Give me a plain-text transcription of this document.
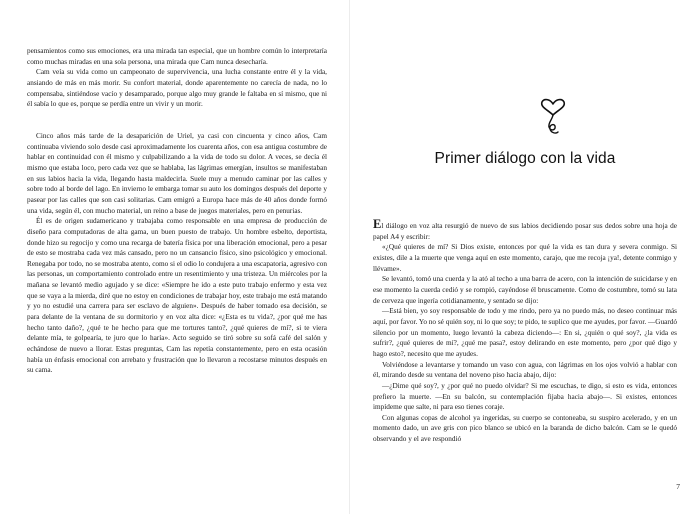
pensamientos como sus emociones, era una mirada tan especial, que un hombre común lo interpretaría como muchas miradas en una sola persona, una mirada que Cam nunca desecharía.

Cam veía su vida como un campeonato de supervivencia, una lucha constante entre él y la vida, ansiando de más en más morir. Su confort material, donde aparentemente no carecía de nada, no lo compensaba, sintiéndose vacío y desamparado, porque algo muy grande le faltaba en sí mismo, que ni él sabía lo que es, porque se perdía entre un vivir y un morir.

Cinco años más tarde de la desaparición de Uriel, ya casi con cincuenta y cinco años, Cam continuaba viviendo solo desde casi aproximadamente los cuarenta años, con esa antigua costumbre de hablar en continuidad con él mismo y culpabilizando a la vida de todo su dolor. A veces, se decía él mismo que estaba loco, pero cada vez que se hablaba, las lágrimas emergían, insultos se manifestaban en sus labios hacia la vida, llegando hasta maldecirla. Suele muy a menudo caminar por las calles y sobre todo al borde del lago. En invierno le embarga tomar su auto los domingos después del deporte y pasear por las calles que son casi solitarias. Cam emigró a Europa hace más de 40 años donde formó una vida, según él, con mucho material, un reino a base de juegos materiales, pero en penurias.

Él es de origen sudamericano y trabajaba como responsable en una empresa de producción de diseño para computadoras de alta gama, un buen puesto de trabajo. Un hombre esbelto, deportista, donde hizo su regocijo y como una recarga de batería física por una liberación emocional, pero a pesar de esto se mostraba cada vez más cansado, pero no un cansancio físico, sino psicológico y emocional. Renegaba por todo, no se mostraba atento, como si el odio lo condujera a una escapatoria, agresivo con las personas, un comportamiento controlado entre un resentimiento y una tristeza. Un miércoles por la mañana se levantó medio agujado y se dice: «Siempre he ido a este puto trabajo enfermo y esta vez que se vaya a la mierda, diré que no estoy en condiciones de trabajar hoy, este trabajo me está matando y yo no estudié una carrera para ser esclavo de alguien». Después de haber tomado esa decisión, se para delante de la ventana de su dormitorio y en voz alta dice: «¿Esta es tu vida?, ¿por qué me has hecho tanto daño?, ¿qué te he hecho para que me tortures tanto?, ¿qué quieres de mí?, si te viera delante mía, te golpearía, te juro que lo haría». Acto seguido se tiró sobre su sofá café del salón y echándose de nuevo a llorar. Estas preguntas, Cam las repetía constantemente, pero en esta ocasión había un énfasis emocional con arrebato y frustración que lo llevaron a recostarse minutos después en su cama.

Primer diálogo con la vida

El diálogo en voz alta resurgió de nuevo de sus labios decidiendo posar sus dedos sobre una hoja de papel A4 y escribir:

«¿Qué quieres de mí? Si Dios existe, entonces por qué la vida es tan dura y severa conmigo. Si existes, dile a la muerte que venga aquí en este momento, carajo, que me recoja ¡ya!, detente conmigo y llévame».

Se levantó, tomó una cuerda y la ató al techo a una barra de acero, con la intención de suicidarse y en ese momento la cuerda cedió y se rompió, cayéndose él bruscamente. Como de costumbre, tomó su lata de cerveza que ingería cotidianamente, y sentado se dijo:

—Está bien, yo soy responsable de todo y me rindo, pero ya no puedo más, no deseo continuar más aquí, por favor. Yo no sé quién soy, ni lo que soy; te pido, te suplico que me ayudes, por favor. —Guardó silencio por un momento, luego levantó la cabeza diciendo—: En si, ¿quién o qué soy?, ¿la vida es sufrir?, ¿qué quieres de mí?, ¿qué me pasa?, estoy delirando en este momento, pero ¿por qué digo y hago esto?, necesito que me ayudes.

Volviéndose a levantarse y tomando un vaso con agua, con lágrimas en los ojos volvió a hablar con él, mirando desde su ventana del noveno piso hacia abajo, dijo:

—¿Dime qué soy?, y ¿por qué no puedo olvidar? Si me escuchas, te digo, si esto es vida, entonces prefiero la muerte. —En su balcón, su contemplación fijaba hacia abajo—. Si existes, entonces impídeme que salte, ni para eso tienes coraje.

Con algunas copas de alcohol ya ingeridas, su cuerpo se contoneaba, su suspiro acelerado, y en un momento dado, un ave gris con pico blanco se ubicó en la baranda de dicho balcón. Cam se le quedó observando y el ave respondió

7
